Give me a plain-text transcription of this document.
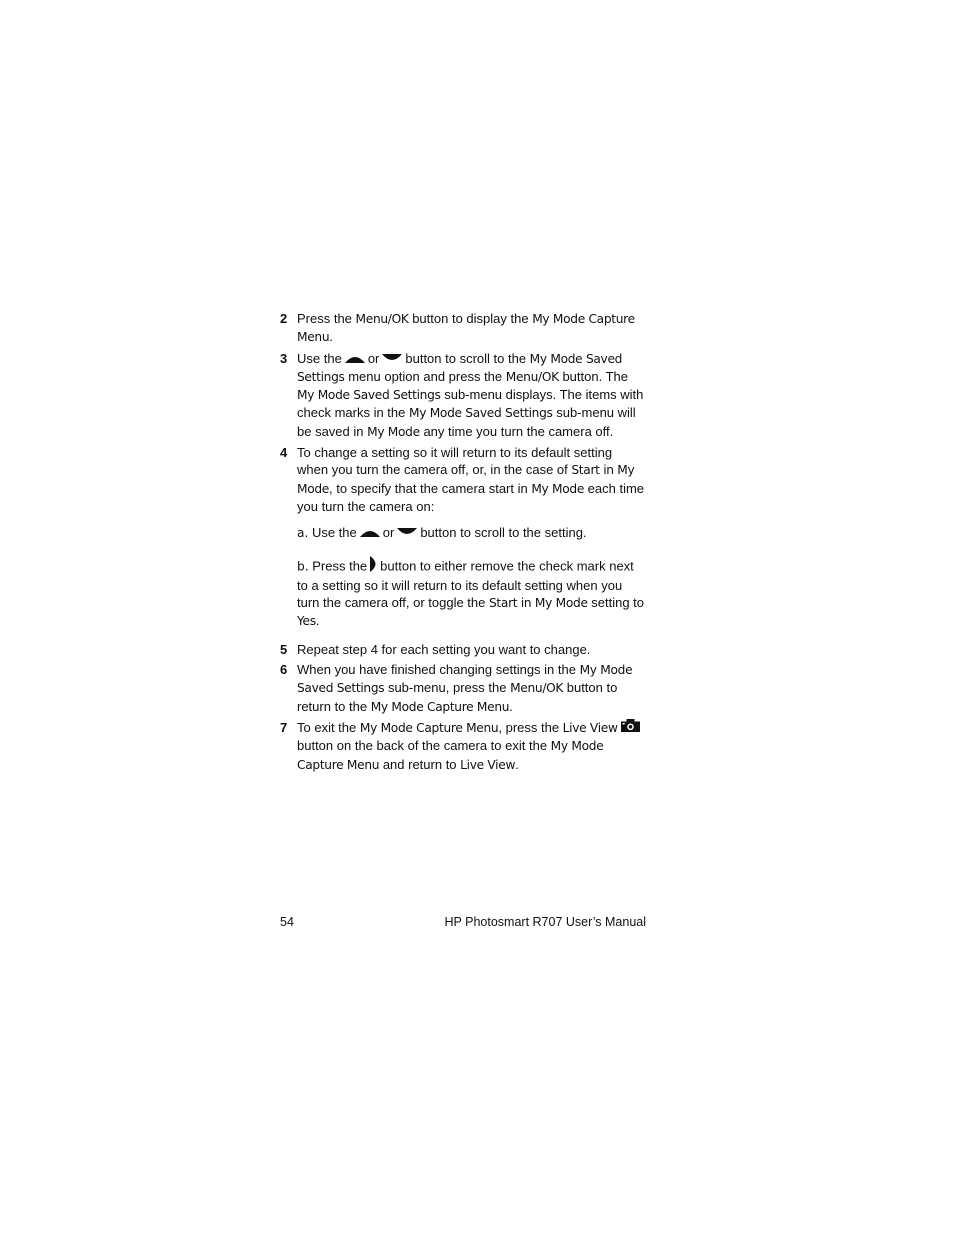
2 Press the Menu/OK button to display the My Mode Capture Menu.
3 Use the or button to scroll to the My Mode Saved Settings menu option and press the Menu/OK button. The My Mode Saved Settings sub-menu displays. The items with check marks in the My Mode Saved Settings sub-menu will be saved in My Mode any time you turn the camera off.
4 To change a setting so it will return to its default setting when you turn the camera off, or, in the case of Start in My Mode, to specify that the camera start in My Mode each time you turn the camera on:
a. Use the or button to scroll to the setting.
b. Press the button to either remove the check mark next to a setting so it will return to its default setting when you turn the camera off, or toggle the Start in My Mode setting to Yes.
5 Repeat step 4 for each setting you want to change.
6 When you have finished changing settings in the My Mode Saved Settings sub-menu, press the Menu/OK button to return to the My Mode Capture Menu.
7 To exit the My Mode Capture Menu, press the Live Viewbutton on the back of the camera to exit the My Mode Capture Menu and return to Live View.
54	HP Photosmart R707 User’s Manual
